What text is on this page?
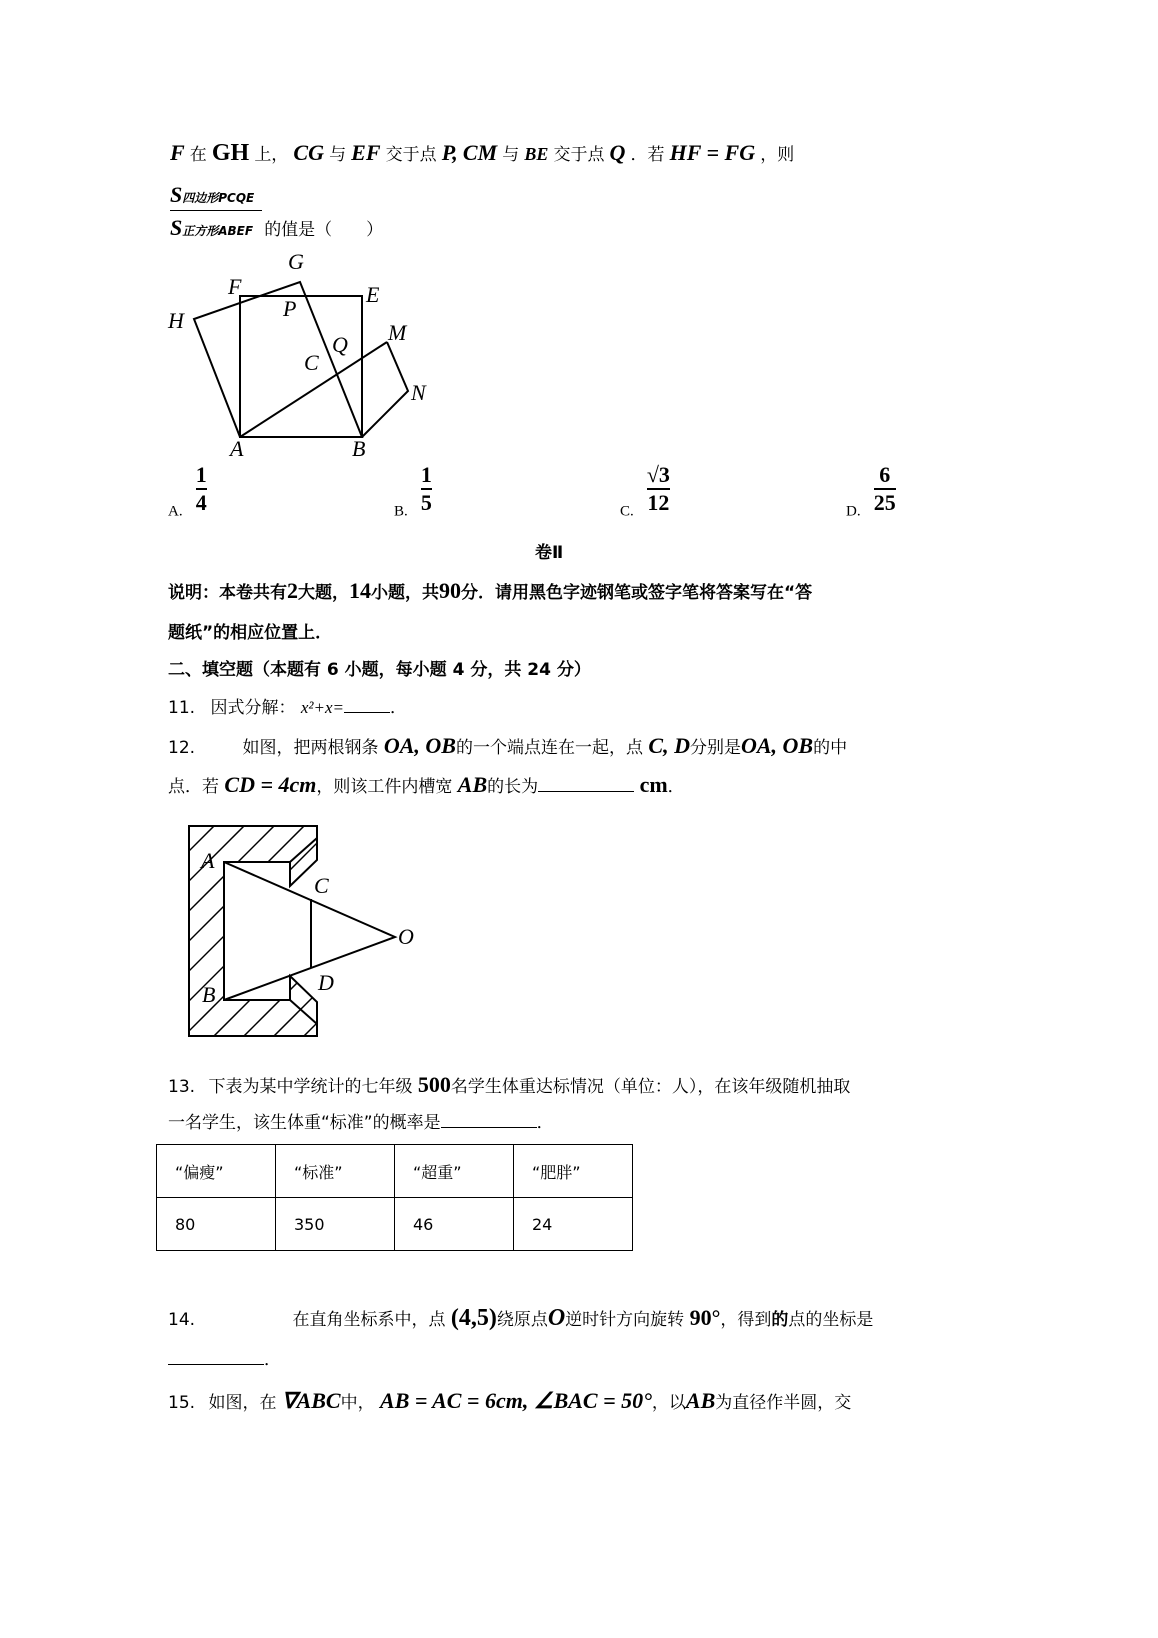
F 在 GH 上， CG 与 EF 交于点 P, CM 与 BE 交于点 Q ．若 HF = FG ，则
S四边形PCQE
S正方形ABEF 的值是（　　）
G
F	E
H	P
M
Q
C
N
A	B
A. $\frac{1}{4}$	B. $\frac{1}{5}$	C. $\frac{√3}{12}$	D. $\frac{6}{25}$
卷Ⅱ
说明：本卷共有2大题，14小题，共90分．请用黑色字迹钢笔或签字笔将答案写在“答
题纸”的相应位置上．
二、填空题（本题有 6 小题，每小题 4 分，共 24 分）
11. 因式分解： x²+x=	．
12.	如图，把两根钢条 OA, OB的一个端点连在一起，点 C, D分别是OA, OB的中
点．若 CD = 4cm，则该工件内槽宽 AB的长为	cm．
A
C
O
D
B
13. 下表为某中学统计的七年级 500名学生体重达标情况（单位：人），在该年级随机抽取
一名学生，该生体重“标准”的概率是	．
“偏瘦”	“标准”	“超重”	“肥胖”
80	350	46	24
14.	在直角坐标系中，点 (4,5)绕原点O逆时针方向旋转 90°，得到的点的坐标是
．
15. 如图，在 ∇ABC中， AB = AC = 6cm, ∠BAC = 50°，以AB为直径作半圆，交
